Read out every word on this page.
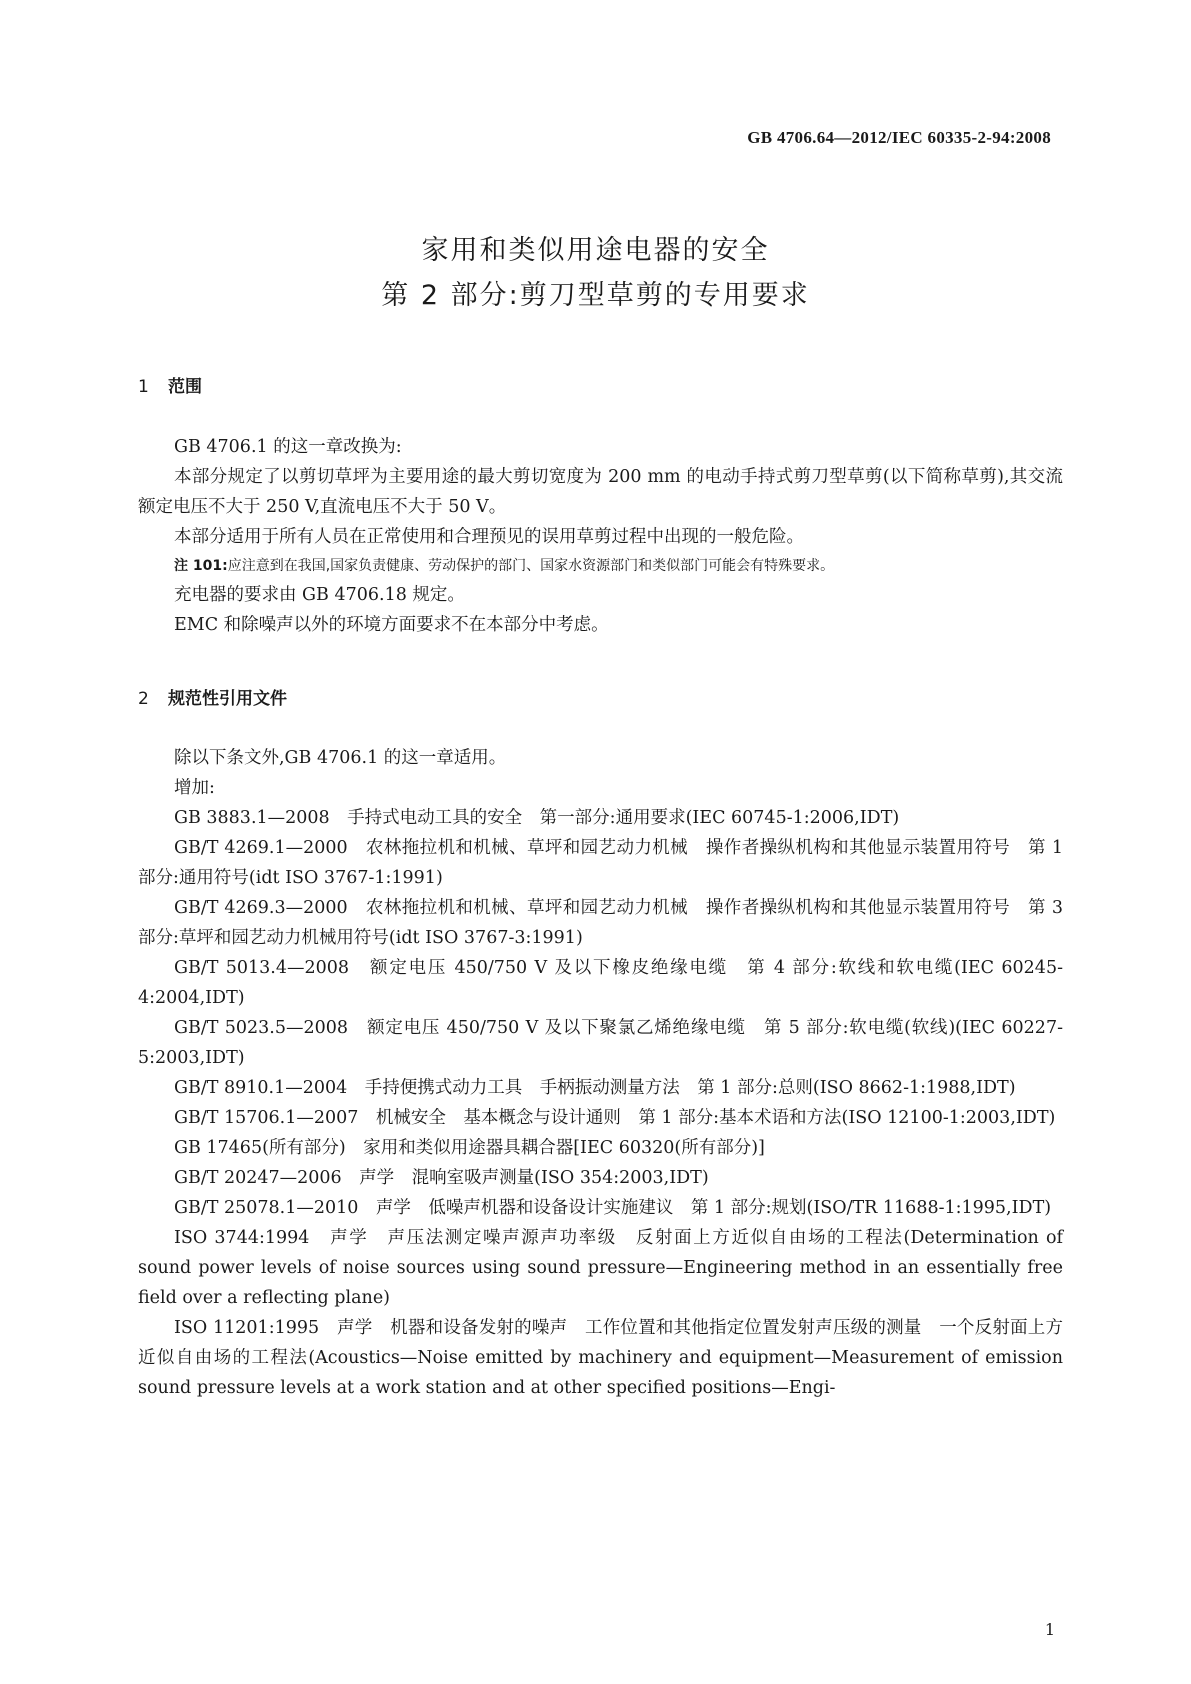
GB 4706.64—2012/IEC 60335-2-94:2008
家用和类似用途电器的安全
第 2 部分:剪刀型草剪的专用要求
1 范围

GB 4706.1 的这一章改换为:

本部分规定了以剪切草坪为主要用途的最大剪切宽度为 200 mm 的电动手持式剪刀型草剪(以下简称草剪),其交流额定电压不大于 250 V,直流电压不大于 50 V。

本部分适用于所有人员在正常使用和合理预见的误用草剪过程中出现的一般危险。

注 101:应注意到在我国,国家负责健康、劳动保护的部门、国家水资源部门和类似部门可能会有特殊要求。

充电器的要求由 GB 4706.18 规定。

EMC 和除噪声以外的环境方面要求不在本部分中考虑。

2 规范性引用文件

除以下条文外,GB 4706.1 的这一章适用。

增加:

GB 3883.1—2008　手持式电动工具的安全　第一部分:通用要求(IEC 60745-1:2006,IDT)

GB/T 4269.1—2000　农林拖拉机和机械、草坪和园艺动力机械　操作者操纵机构和其他显示装置用符号　第 1 部分:通用符号(idt ISO 3767-1:1991)

GB/T 4269.3—2000　农林拖拉机和机械、草坪和园艺动力机械　操作者操纵机构和其他显示装置用符号　第 3 部分:草坪和园艺动力机械用符号(idt ISO 3767-3:1991)

GB/T 5013.4—2008　额定电压 450/750 V 及以下橡皮绝缘电缆　第 4 部分:软线和软电缆(IEC 60245-4:2004,IDT)

GB/T 5023.5—2008　额定电压 450/750 V 及以下聚氯乙烯绝缘电缆　第 5 部分:软电缆(软线)(IEC 60227-5:2003,IDT)

GB/T 8910.1—2004　手持便携式动力工具　手柄振动测量方法　第 1 部分:总则(ISO 8662-1:1988,IDT)

GB/T 15706.1—2007　机械安全　基本概念与设计通则　第 1 部分:基本术语和方法(ISO 12100-1:2003,IDT)

GB 17465(所有部分)　家用和类似用途器具耦合器[IEC 60320(所有部分)]

GB/T 20247—2006　声学　混响室吸声测量(ISO 354:2003,IDT)

GB/T 25078.1—2010　声学　低噪声机器和设备设计实施建议　第 1 部分:规划(ISO/TR 11688-1:1995,IDT)

ISO 3744:1994　声学　声压法测定噪声源声功率级　反射面上方近似自由场的工程法(Determination of sound power levels of noise sources using sound pressure—Engineering method in an essentially free field over a reflecting plane)

ISO 11201:1995　声学　机器和设备发射的噪声　工作位置和其他指定位置发射声压级的测量　一个反射面上方近似自由场的工程法(Acoustics—Noise emitted by machinery and equipment—Measurement of emission sound pressure levels at a work station and at other specified positions—Engi-

1
